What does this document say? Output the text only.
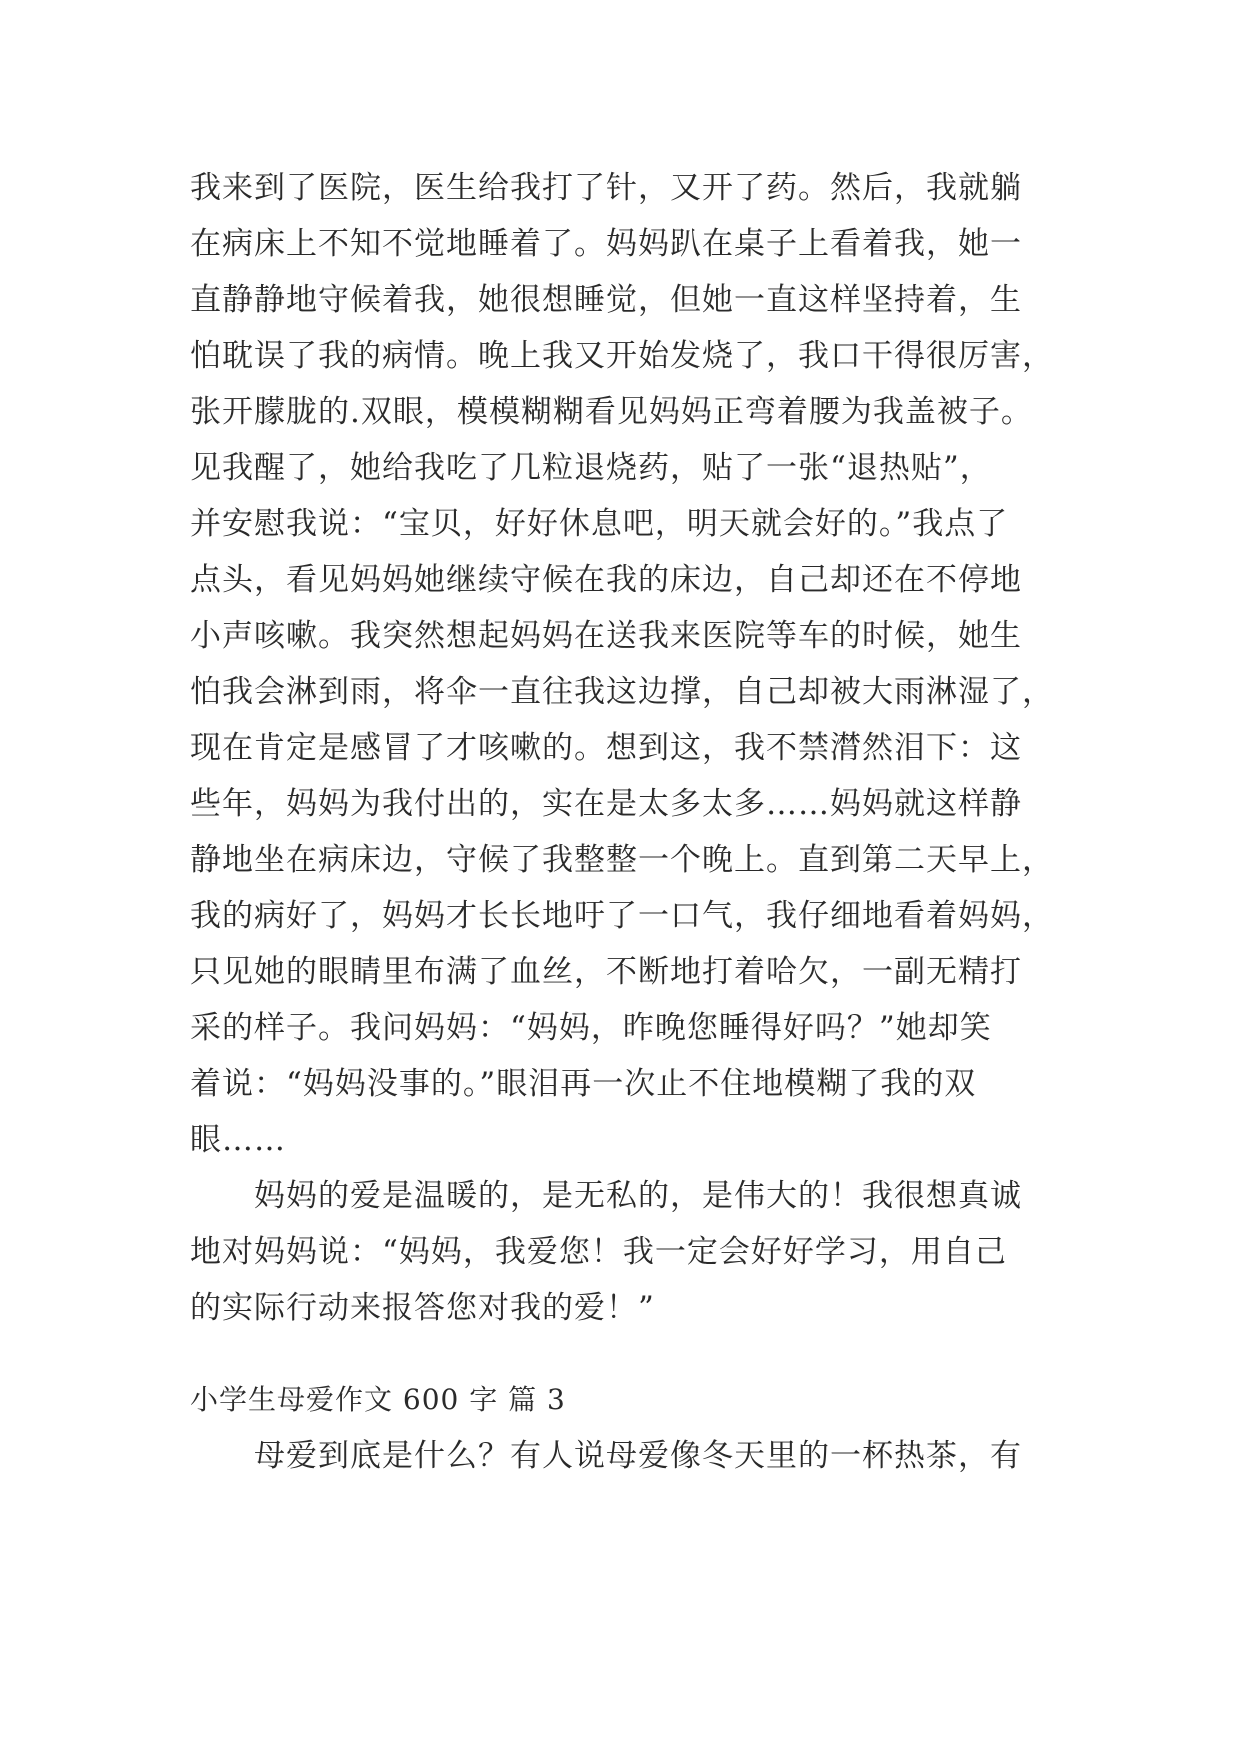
我来到了医院，医生给我打了针，又开了药。然后，我就躺
在病床上不知不觉地睡着了。妈妈趴在桌子上看着我，她一
直静静地守候着我，她很想睡觉，但她一直这样坚持着，生
怕耽误了我的病情。晚上我又开始发烧了，我口干得很厉害，
张开朦胧的.双眼，模模糊糊看见妈妈正弯着腰为我盖被子。
见我醒了，她给我吃了几粒退烧药，贴了一张“退热贴”，
并安慰我说：“宝贝，好好休息吧，明天就会好的。”我点了
点头，看见妈妈她继续守候在我的床边，自己却还在不停地
小声咳嗽。我突然想起妈妈在送我来医院等车的时候，她生
怕我会淋到雨，将伞一直往我这边撑，自己却被大雨淋湿了，
现在肯定是感冒了才咳嗽的。想到这，我不禁潸然泪下：这
些年，妈妈为我付出的，实在是太多太多……妈妈就这样静
静地坐在病床边，守候了我整整一个晚上。直到第二天早上，
我的病好了，妈妈才长长地吁了一口气，我仔细地看着妈妈，
只见她的眼睛里布满了血丝，不断地打着哈欠，一副无精打
采的样子。我问妈妈：“妈妈，昨晚您睡得好吗？”她却笑
着说：“妈妈没事的。”眼泪再一次止不住地模糊了我的双
眼……
妈妈的爱是温暖的，是无私的，是伟大的！我很想真诚
地对妈妈说：“妈妈，我爱您！我一定会好好学习，用自己
的实际行动来报答您对我的爱！”
小学生母爱作文 600 字 篇 3
母爱到底是什么？有人说母爱像冬天里的一杯热茶，有
